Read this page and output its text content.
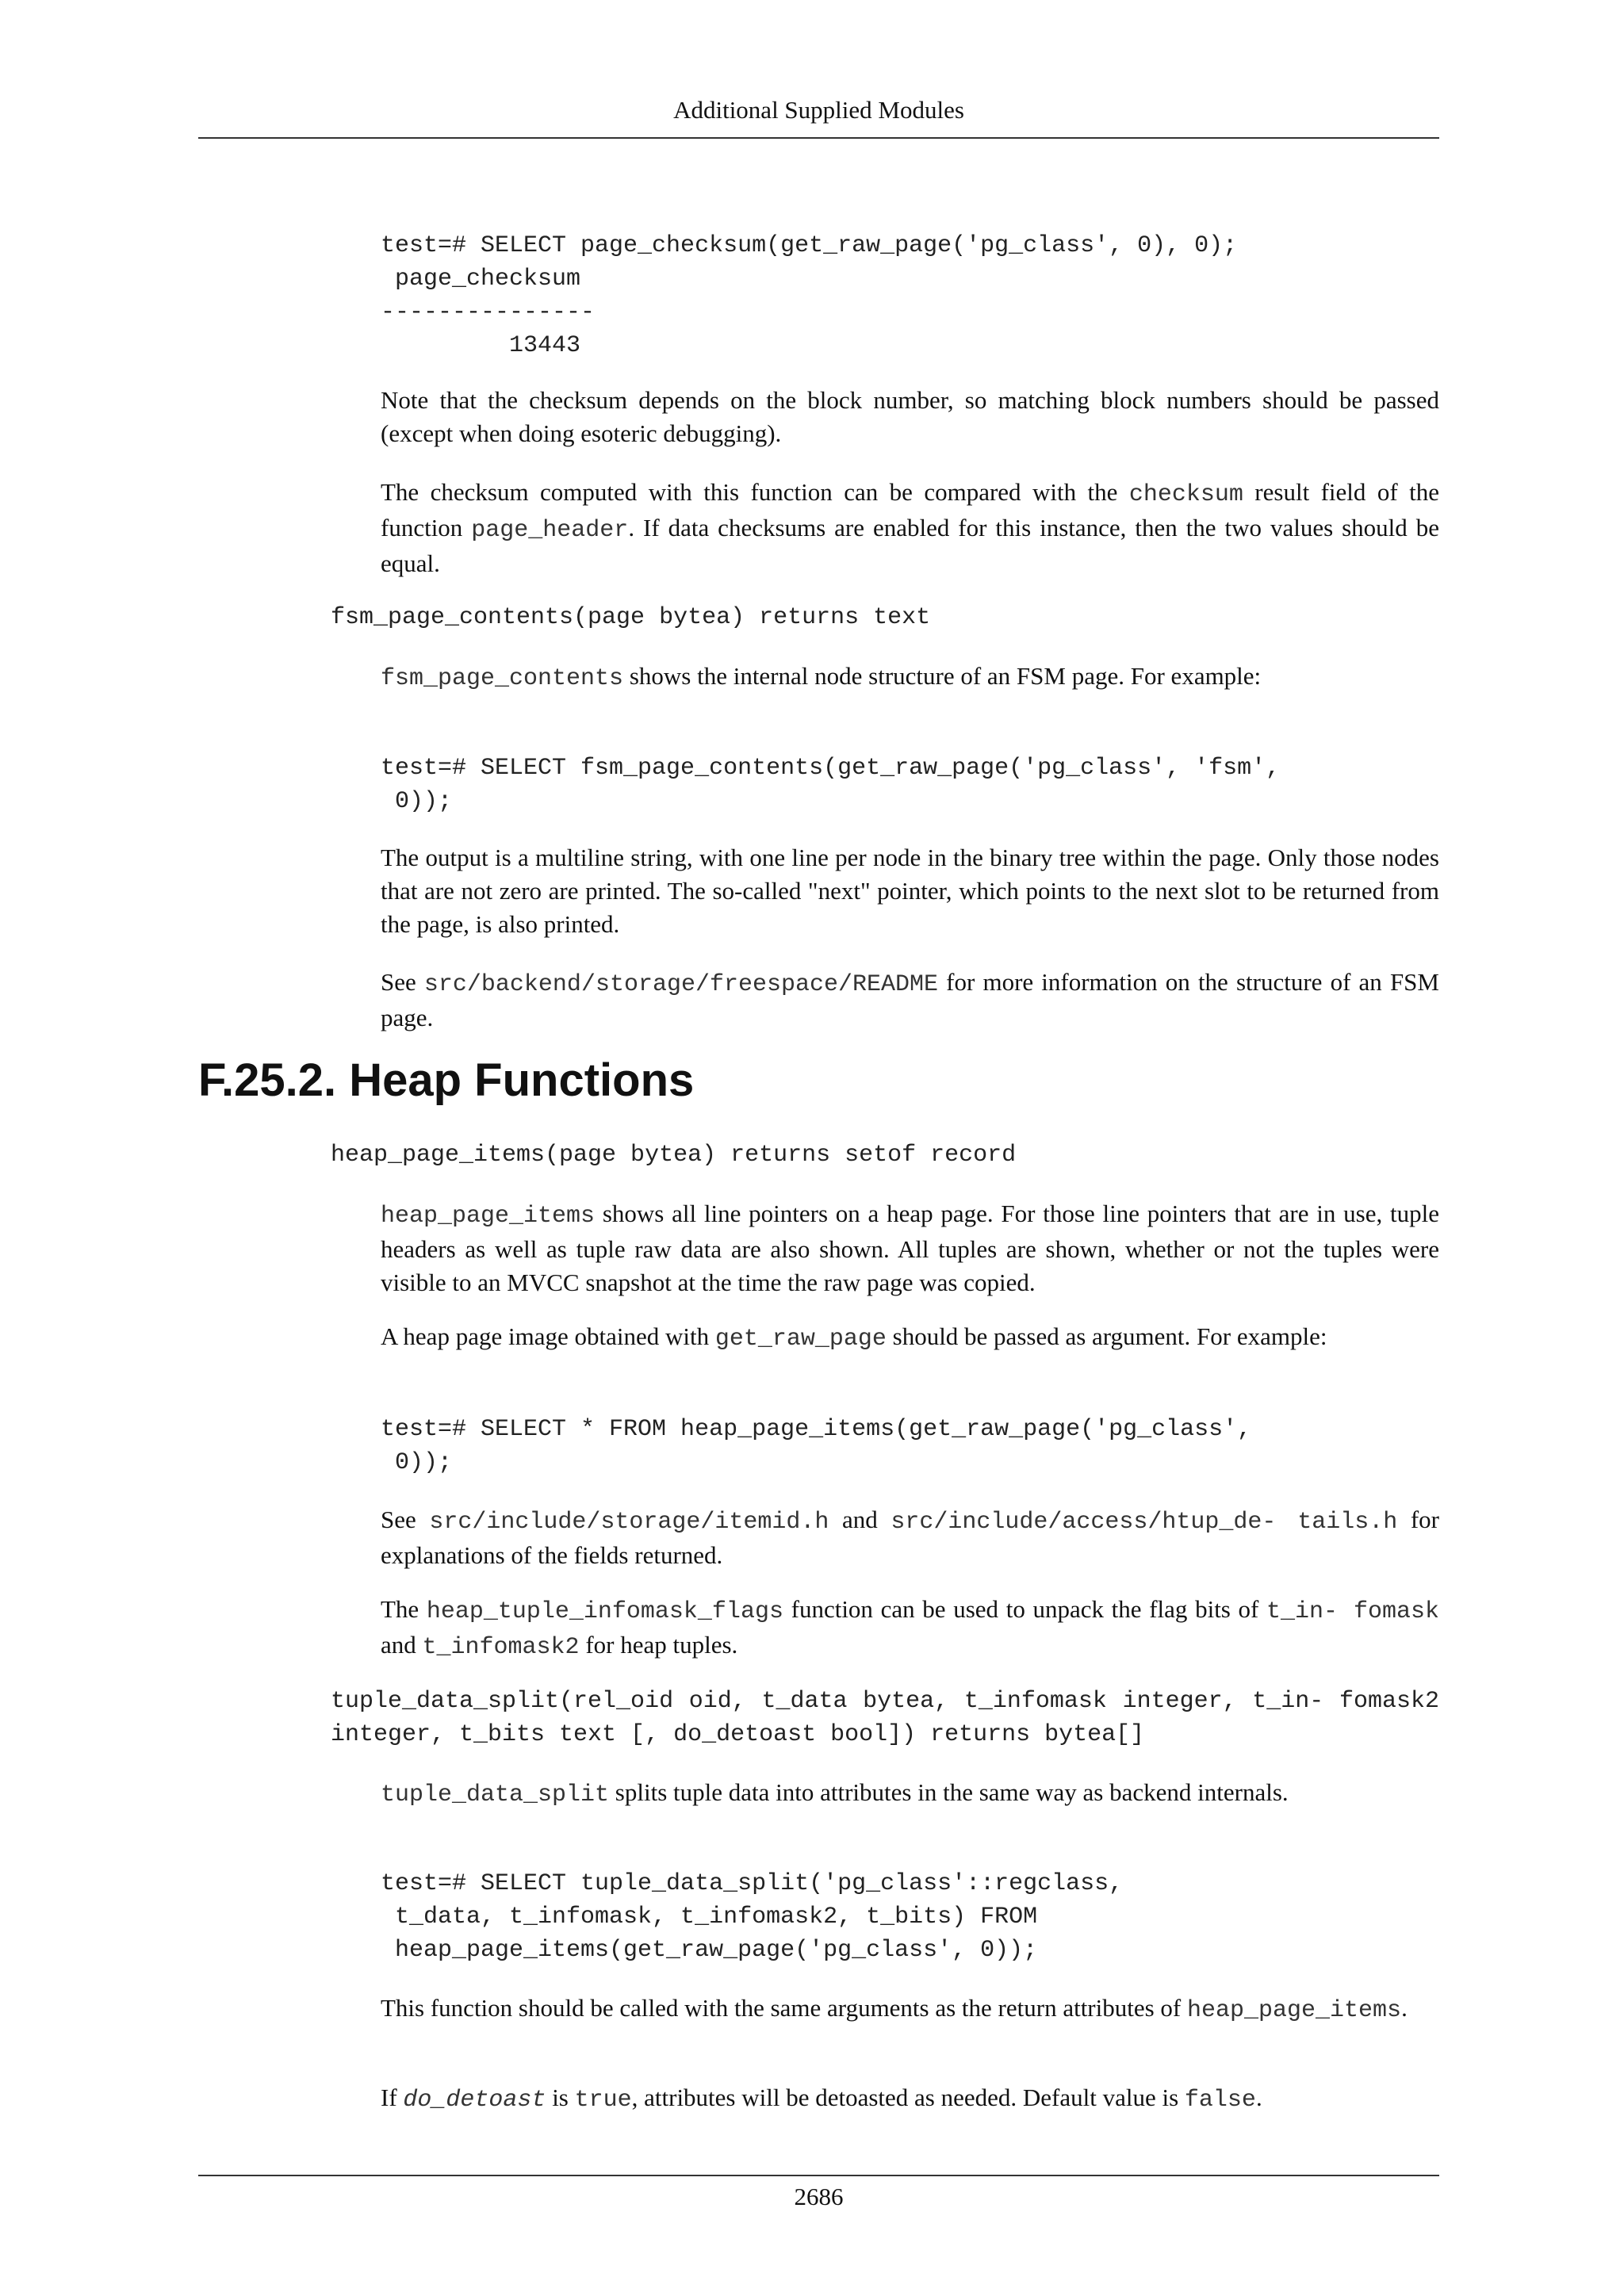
Additional Supplied Modules
test=# SELECT page_checksum(get_raw_page('pg_class', 0), 0);
page_checksum
---------------
13443
Note that the checksum depends on the block number, so matching block numbers should be passed (except when doing esoteric debugging).
The checksum computed with this function can be compared with the checksum result field of the function page_header. If data checksums are enabled for this instance, then the two values should be equal.
fsm_page_contents(page bytea) returns text
fsm_page_contents shows the internal node structure of an FSM page. For example:
test=# SELECT fsm_page_contents(get_raw_page('pg_class', 'fsm',
0));
The output is a multiline string, with one line per node in the binary tree within the page. Only those nodes that are not zero are printed. The so-called "next" pointer, which points to the next slot to be returned from the page, is also printed.
See src/backend/storage/freespace/README for more information on the structure of an FSM page.
F.25.2. Heap Functions
heap_page_items(page bytea) returns setof record
heap_page_items shows all line pointers on a heap page. For those line pointers that are in use, tuple headers as well as tuple raw data are also shown. All tuples are shown, whether or not the tuples were visible to an MVCC snapshot at the time the raw page was copied.
A heap page image obtained with get_raw_page should be passed as argument. For example:
test=# SELECT * FROM heap_page_items(get_raw_page('pg_class',
0));
See src/include/storage/itemid.h and src/include/access/htup_de- tails.h for explanations of the fields returned.
The heap_tuple_infomask_flags function can be used to unpack the flag bits of t_in- fomask and t_infomask2 for heap tuples.
tuple_data_split(rel_oid oid, t_data bytea, t_infomask integer, t_in- fomask2 integer, t_bits text [, do_detoast bool]) returns bytea[]
tuple_data_split splits tuple data into attributes in the same way as backend internals.
test=# SELECT tuple_data_split('pg_class'::regclass,
t_data, t_infomask, t_infomask2, t_bits) FROM
heap_page_items(get_raw_page('pg_class', 0));
This function should be called with the same arguments as the return attributes of heap_page_items.
If do_detoast is true, attributes will be detoasted as needed. Default value is false.
2686
